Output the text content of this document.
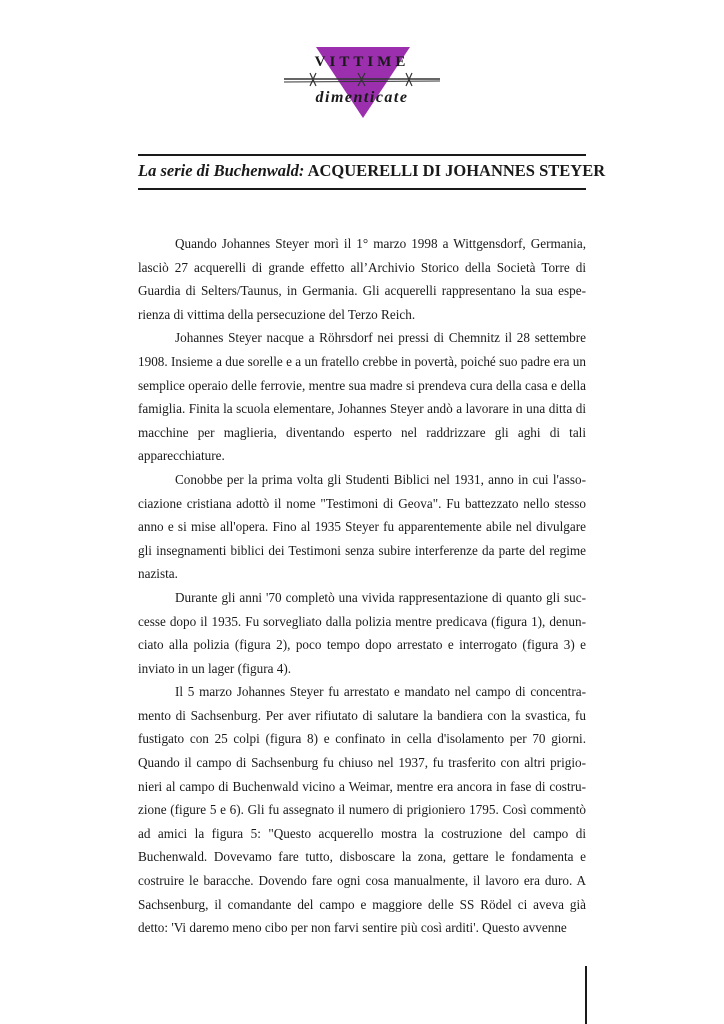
VITTIME
dimenticate
La serie di Buchenwald: ACQUERELLI DI JOHANNES STEYER

Quando Johannes Steyer morì il 1° marzo 1998 a Wittgensdorf, Germania, lasciò 27 acquerelli di grande effetto all’Archivio Storico della Società Torre di Guardia di Selters/Taunus, in Germania. Gli acquerelli rappresentano la sua esperienza di vittima della persecuzione del Terzo Reich.

Johannes Steyer nacque a Röhrsdorf nei pressi di Chemnitz il 28 settembre 1908. Insieme a due sorelle e a un fratello crebbe in povertà, poiché suo padre era un semplice operaio delle ferrovie, mentre sua madre si prendeva cura della casa e della famiglia. Finita la scuola elementare, Johannes Steyer andò a lavorare in una ditta di macchine per maglieria, diventando esperto nel raddrizzare gli aghi di tali apparecchiature.

Conobbe per la prima volta gli Studenti Biblici nel 1931, anno in cui l'associazione cristiana adottò il nome "Testimoni di Geova". Fu battezzato nello stesso anno e si mise all'opera. Fino al 1935 Steyer fu apparentemente abile nel divulgare gli insegnamenti biblici dei Testimoni senza subire interferenze da parte del regime nazista.

Durante gli anni '70 completò una vivida rappresentazione di quanto gli successe dopo il 1935. Fu sorvegliato dalla polizia mentre predicava (figura 1), denunciato alla polizia (figura 2), poco tempo dopo arrestato e interrogato (figura 3) e inviato in un lager (figura 4).

Il 5 marzo Johannes Steyer fu arrestato e mandato nel campo di concentramento di Sachsenburg. Per aver rifiutato di salutare la bandiera con la svastica, fu fustigato con 25 colpi (figura 8) e confinato in cella d'isolamento per 70 giorni. Quando il campo di Sachsenburg fu chiuso nel 1937, fu trasferito con altri prigionieri al campo di Buchenwald vicino a Weimar, mentre era ancora in fase di costruzione (figure 5 e 6). Gli fu assegnato il numero di prigioniero 1795. Così commentò ad amici la figura 5: "Questo acquerello mostra la costruzione del campo di Buchenwald. Dovevamo fare tutto, disboscare la zona, gettare le fondamenta e costruire le baracche. Dovendo fare ogni cosa manualmente, il lavoro era duro. A Sachsenburg, il comandante del campo e maggiore delle SS Rödel ci aveva già detto: 'Vi daremo meno cibo per non farvi sentire più così arditi'. Questo avvenne
